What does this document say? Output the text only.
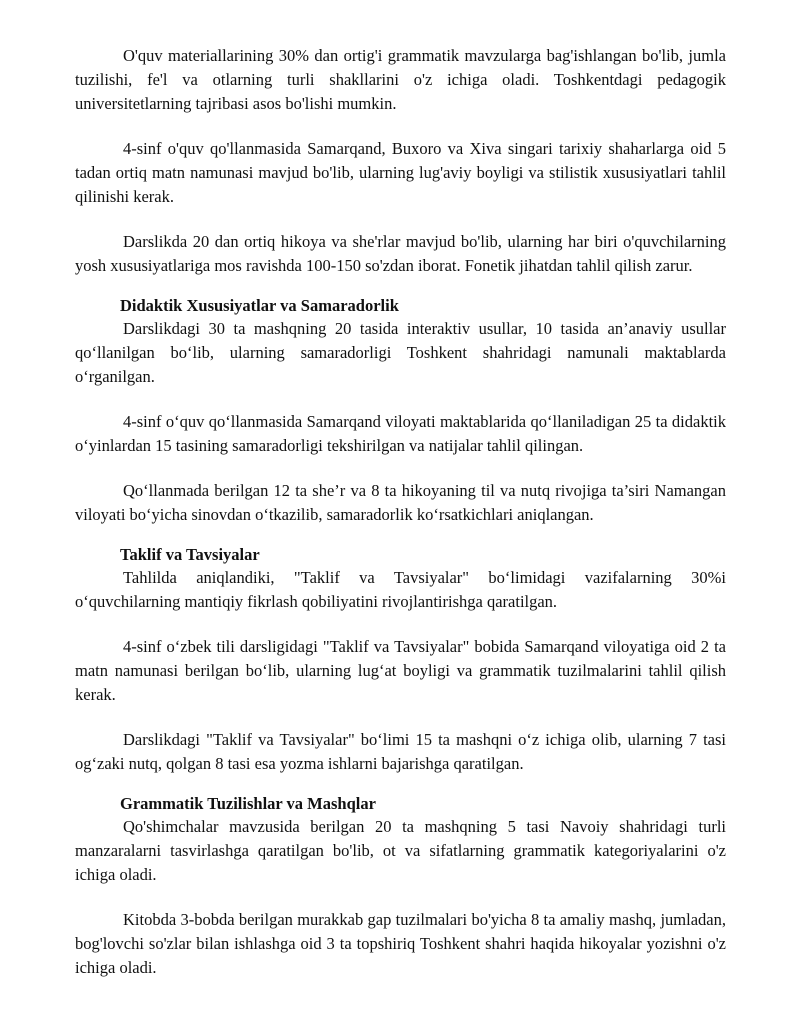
O'quv materiallarining 30% dan ortig'i grammatik mavzularga bag'ishlangan bo'lib, jumla tuzilishi, fe'l va otlarning turli shakllarini o'z ichiga oladi. Toshkentdagi pedagogik universitetlarning tajribasi asos bo'lishi mumkin.

4-sinf o'quv qo'llanmasida Samarqand, Buxoro va Xiva singari tarixiy shaharlarga oid 5 tadan ortiq matn namunasi mavjud bo'lib, ularning lug'aviy boyligi va stilistik xususiyatlari tahlil qilinishi kerak.

Darslikda 20 dan ortiq hikoya va she'rlar mavjud bo'lib, ularning har biri o'quvchilarning yosh xususiyatlariga mos ravishda 100-150 so'zdan iborat. Fonetik jihatdan tahlil qilish zarur.

Didaktik Xususiyatlar va Samaradorlik

Darslikdagi 30 ta mashqning 20 tasida interaktiv usullar, 10 tasida an’anaviy usullar qo‘llanilgan bo‘lib, ularning samaradorligi Toshkent shahridagi namunali maktablarda o‘rganilgan.

4-sinf o‘quv qo‘llanmasida Samarqand viloyati maktablarida qo‘llaniladigan 25 ta didaktik o‘yinlardan 15 tasining samaradorligi tekshirilgan va natijalar tahlil qilingan.

Qo‘llanmada berilgan 12 ta she’r va 8 ta hikoyaning til va nutq rivojiga ta’siri Namangan viloyati bo‘yicha sinovdan o‘tkazilib, samaradorlik ko‘rsatkichlari aniqlangan.

Taklif va Tavsiyalar

Tahlilda aniqlandiki, "Taklif va Tavsiyalar" bo‘limidagi vazifalarning 30%i o‘quvchilarning mantiqiy fikrlash qobiliyatini rivojlantirishga qaratilgan.

4-sinf o‘zbek tili darsligidagi "Taklif va Tavsiyalar" bobida Samarqand viloyatiga oid 2 ta matn namunasi berilgan bo‘lib, ularning lug‘at boyligi va grammatik tuzilmalarini tahlil qilish kerak.

Darslikdagi "Taklif va Tavsiyalar" bo‘limi 15 ta mashqni o‘z ichiga olib, ularning 7 tasi og‘zaki nutq, qolgan 8 tasi esa yozma ishlarni bajarishga qaratilgan.

Grammatik Tuzilishlar va Mashqlar

Qo'shimchalar mavzusida berilgan 20 ta mashqning 5 tasi Navoiy shahridagi turli manzaralarni tasvirlashga qaratilgan bo'lib, ot va sifatlarning grammatik kategoriyalarini o'z ichiga oladi.

Kitobda 3-bobda berilgan murakkab gap tuzilmalari bo'yicha 8 ta amaliy mashq, jumladan, bog'lovchi so'zlar bilan ishlashga oid 3 ta topshiriq Toshkent shahri haqida hikoyalar yozishni o'z ichiga oladi.
